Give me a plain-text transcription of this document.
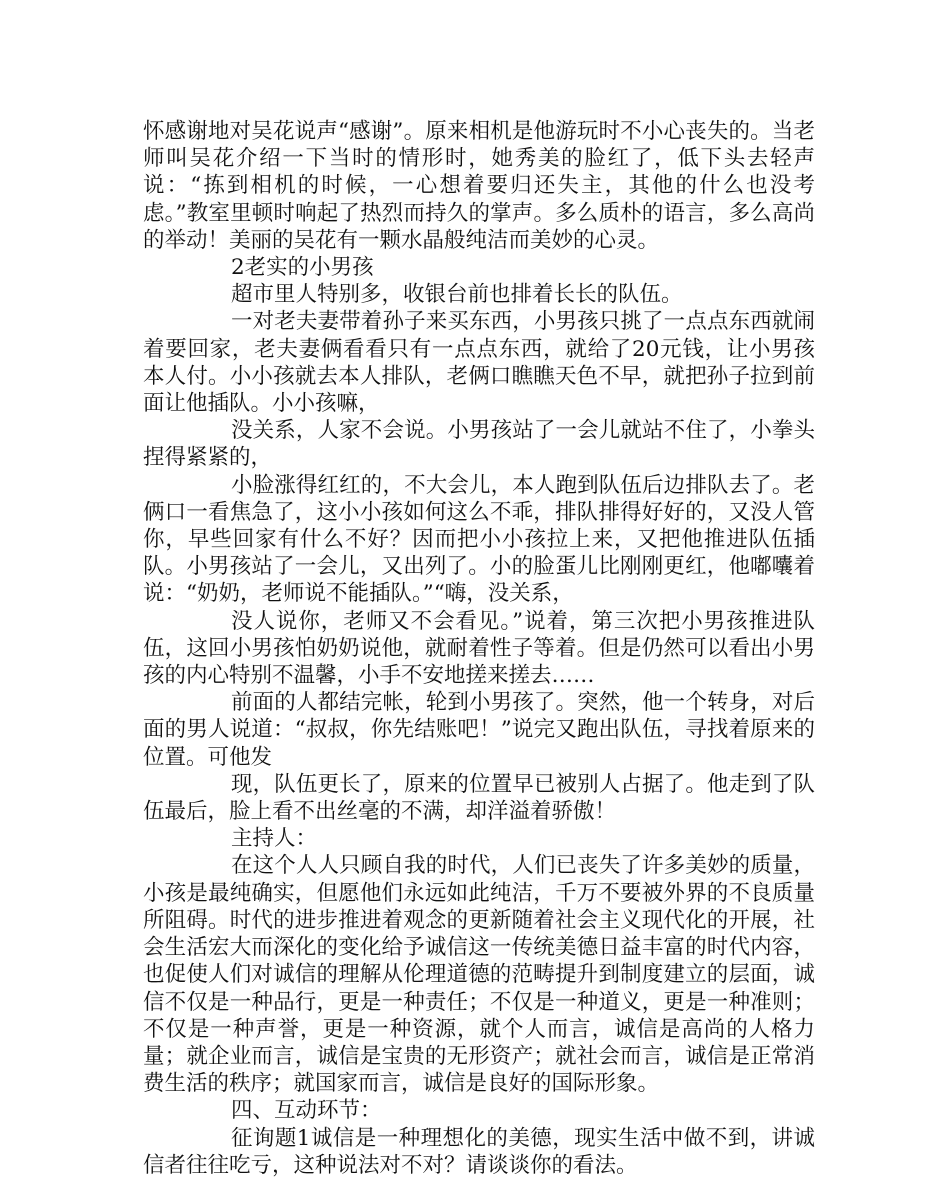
怀感谢地对吴花说声“感谢”。原来相机是他游玩时不小心丧失的。当老师叫吴花介绍一下当时的情形时，她秀美的脸红了，低下头去轻声说：“拣到相机的时候，一心想着要归还失主，其他的什么也没考虑。”教室里顿时响起了热烈而持久的掌声。多么质朴的语言，多么高尚的举动！美丽的吴花有一颗水晶般纯洁而美妙的心灵。

2老实的小男孩

超市里人特别多，收银台前也排着长长的队伍。

一对老夫妻带着孙子来买东西，小男孩只挑了一点点东西就闹着要回家，老夫妻俩看看只有一点点东西，就给了20元钱，让小男孩本人付。小小孩就去本人排队，老俩口瞧瞧天色不早，就把孙子拉到前面让他插队。小小孩嘛，

没关系，人家不会说。小男孩站了一会儿就站不住了，小拳头捏得紧紧的，

小脸涨得红红的，不大会儿，本人跑到队伍后边排队去了。老俩口一看焦急了，这小小孩如何这么不乖，排队排得好好的，又没人管你，早些回家有什么不好？因而把小小孩拉上来，又把他推进队伍插队。小男孩站了一会儿，又出列了。小的脸蛋儿比刚刚更红，他嘟囔着说：“奶奶，老师说不能插队。”“嗨，没关系，

没人说你，老师又不会看见。”说着，第三次把小男孩推进队伍，这回小男孩怕奶奶说他，就耐着性子等着。但是仍然可以看出小男孩的内心特别不温馨，小手不安地搓来搓去……

前面的人都结完帐，轮到小男孩了。突然，他一个转身，对后面的男人说道：“叔叔，你先结账吧！”说完又跑出队伍，寻找着原来的位置。可他发

现，队伍更长了，原来的位置早已被别人占据了。他走到了队伍最后，脸上看不出丝毫的不满，却洋溢着骄傲！

主持人：

在这个人人只顾自我的时代，人们已丧失了许多美妙的质量，小孩是最纯确实，但愿他们永远如此纯洁，千万不要被外界的不良质量所阻碍。时代的进步推进着观念的更新随着社会主义现代化的开展，社会生活宏大而深化的变化给予诚信这一传统美德日益丰富的时代内容，也促使人们对诚信的理解从伦理道德的范畴提升到制度建立的层面，诚信不仅是一种品行，更是一种责任；不仅是一种道义，更是一种准则；不仅是一种声誉，更是一种资源，就个人而言，诚信是高尚的人格力量；就企业而言，诚信是宝贵的无形资产；就社会而言，诚信是正常消费生活的秩序；就国家而言，诚信是良好的国际形象。

四、互动环节：

征询题1诚信是一种理想化的美德，现实生活中做不到，讲诚信者往往吃亏，这种说法对不对？请谈谈你的看法。
